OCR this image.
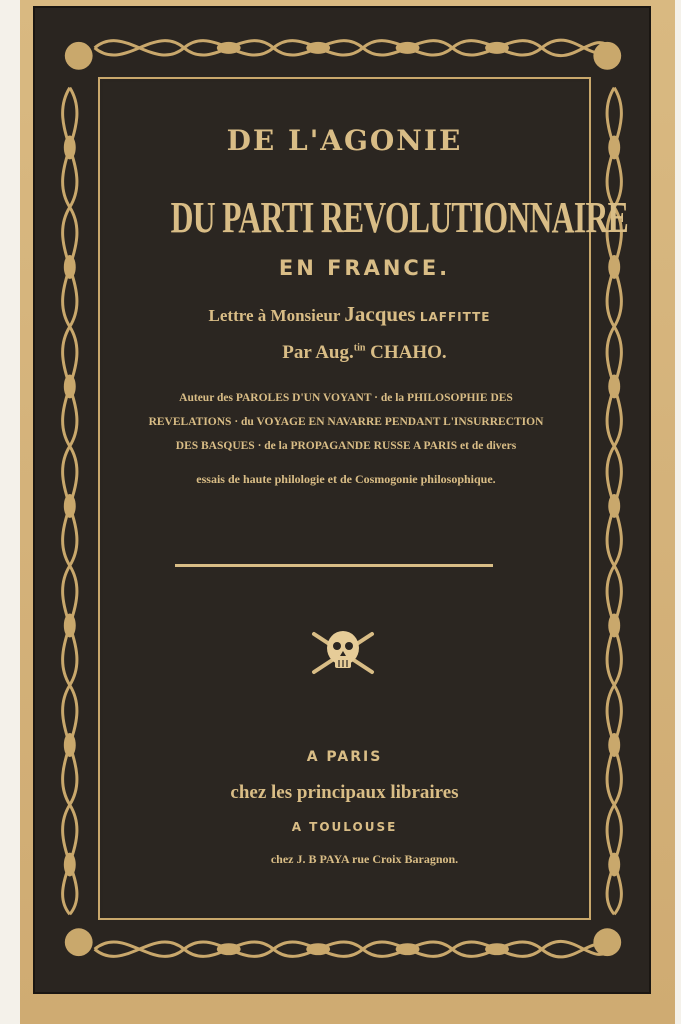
DE L'AGONIE
DU PARTI REVOLUTIONNAIRE
EN FRANCE.
Lettre à Monsieur Jacques LAFFITTE
Par Aug.$^{tin}$ CHAHO.
Auteur des PAROLES D'UN VOYANT · de la PHILOSOPHIE DES
REVELATIONS · du VOYAGE EN NAVARRE PENDANT L'INSURRECTION
DES BASQUES · de la PROPAGANDE RUSSE A PARIS et de divers
essais de haute philologie et de Cosmogonie philosophique.
A PARIS
chez les principaux libraires
A TOULOUSE
chez J. B PAYA rue Croix Baragnon.
